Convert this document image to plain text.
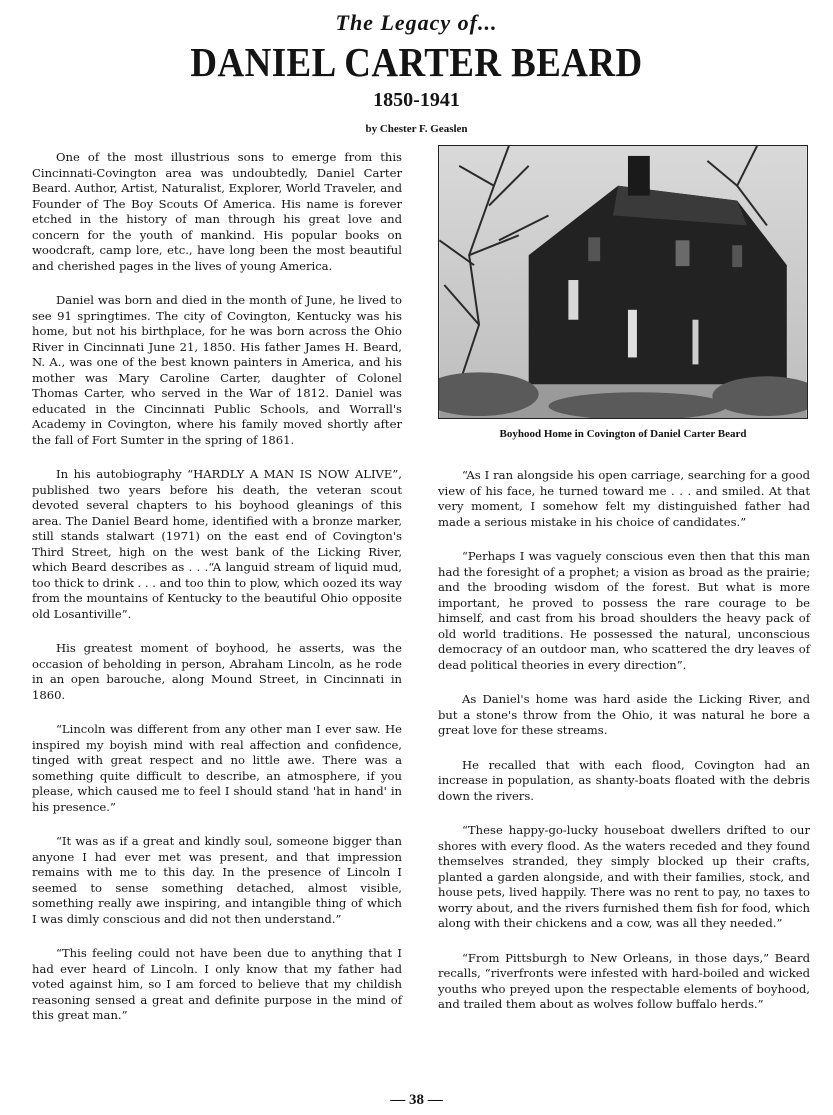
The Legacy of...
DANIEL CARTER BEARD
1850-1941
by Chester F. Geaslen

One of the most illustrious sons to emerge from this Cincinnati-Covington area was undoubtedly, Daniel Carter Beard. Author, Artist, Naturalist, Explorer, World Traveler, and Founder of The Boy Scouts Of America. His name is forever etched in the history of man through his great love and concern for the youth of mankind. His popular books on woodcraft, camp lore, etc., have long been the most beautiful and cherished pages in the lives of young America.

Daniel was born and died in the month of June, he lived to see 91 springtimes. The city of Covington, Kentucky was his home, but not his birthplace, for he was born across the Ohio River in Cincinnati June 21, 1850. His father James H. Beard, N. A., was one of the best known painters in America, and his mother was Mary Caroline Carter, daughter of Colonel Thomas Carter, who served in the War of 1812. Daniel was educated in the Cincinnati Public Schools, and Worrall's Academy in Covington, where his family moved shortly after the fall of Fort Sumter in the spring of 1861.

In his autobiography “HARDLY A MAN IS NOW ALIVE”, published two years before his death, the veteran scout devoted several chapters to his boyhood gleanings of this area. The Daniel Beard home, identified with a bronze marker, still stands stalwart (1971) on the east end of Covington's Third Street, high on the west bank of the Licking River, which Beard describes as . . .“A languid stream of liquid mud, too thick to drink . . . and too thin to plow, which oozed its way from the mountains of Kentucky to the beautiful Ohio opposite old Losantiville”.

His greatest moment of boyhood, he asserts, was the occasion of beholding in person, Abraham Lincoln, as he rode in an open barouche, along Mound Street, in Cincinnati in 1860.

“Lincoln was different from any other man I ever saw. He inspired my boyish mind with real affection and confidence, tinged with great respect and no little awe. There was a something quite difficult to describe, an atmosphere, if you please, which caused me to feel I should stand 'hat in hand' in his presence.”

“It was as if a great and kindly soul, someone bigger than anyone I had ever met was present, and that impression remains with me to this day. In the presence of Lincoln I seemed to sense something detached, almost visible, something really awe inspiring, and intangible thing of which I was dimly conscious and did not then understand.”

“This feeling could not have been due to anything that I had ever heard of Lincoln. I only know that my father had voted against him, so I am forced to believe that my childish reasoning sensed a great and definite purpose in the mind of this great man.”

Boyhood Home in Covington of Daniel Carter Beard

“As I ran alongside his open carriage, searching for a good view of his face, he turned toward me . . . and smiled. At that very moment, I somehow felt my distinguished father had made a serious mistake in his choice of candidates.”

“Perhaps I was vaguely conscious even then that this man had the foresight of a prophet; a vision as broad as the prairie; and the brooding wisdom of the forest. But what is more important, he proved to possess the rare courage to be himself, and cast from his broad shoulders the heavy pack of old world traditions. He possessed the natural, unconscious democracy of an outdoor man, who scattered the dry leaves of dead political theories in every direction”.

As Daniel's home was hard aside the Licking River, and but a stone's throw from the Ohio, it was natural he bore a great love for these streams.

He recalled that with each flood, Covington had an increase in population, as shanty-boats floated with the debris down the rivers.

“These happy-go-lucky houseboat dwellers drifted to our shores with every flood. As the waters receded and they found themselves stranded, they simply blocked up their crafts, planted a garden alongside, and with their families, stock, and house pets, lived happily. There was no rent to pay, no taxes to worry about, and the rivers furnished them fish for food, which along with their chickens and a cow, was all they needed.”

“From Pittsburgh to New Orleans, in those days,” Beard recalls, “riverfronts were infested with hard-boiled and wicked youths who preyed upon the respectable elements of boyhood, and trailed them about as wolves follow buffalo herds.”

— 38 —
